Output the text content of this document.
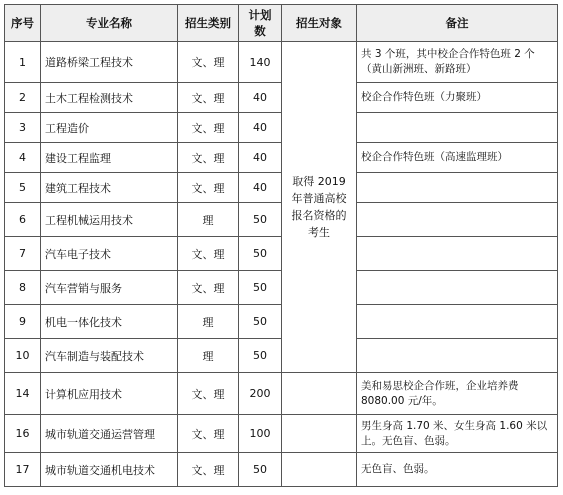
序号	专业名称	招生类别	计划数	招生对象	备注
1	道路桥梁工程技术	文、理	140	取得 2019 年普通高校报名资格的考生	共 3 个班，其中校企合作特色班 2 个（黄山新洲班、新路班）
2	土木工程检测技术	文、理	40		校企合作特色班（力聚班）
3	工程造价	文、理	40		
4	建设工程监理	文、理	40		校企合作特色班（高速监理班）
5	建筑工程技术	文、理	40		
6	工程机械运用技术	理	50		
7	汽车电子技术	文、理	50		
8	汽车营销与服务	文、理	50		
9	机电一体化技术	理	50		
10	汽车制造与装配技术	理	50		
14	计算机应用技术	文、理	200		美和易思校企合作班，企业培养费 8080.00 元/年。
16	城市轨道交通运营管理	文、理	100		男生身高 1.70 米、女生身高 1.60 米以上。无色盲、色弱。
17	城市轨道交通机电技术	文、理	50		无色盲、色弱。
